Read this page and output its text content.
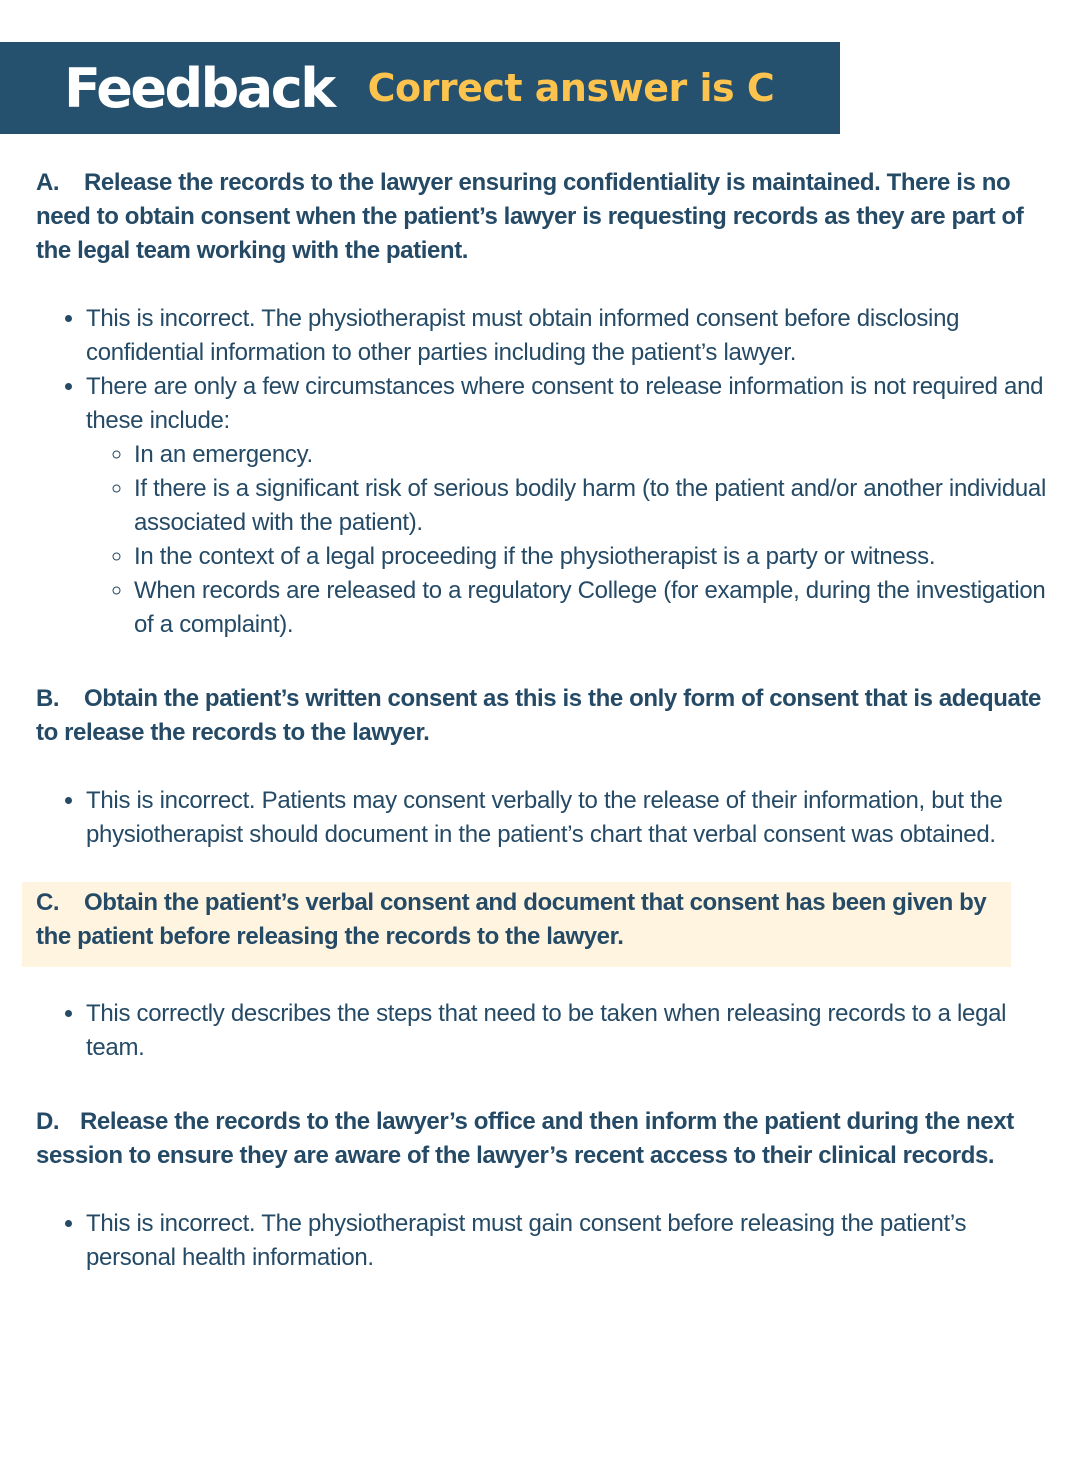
Feedback Correct answer is C

A. Release the records to the lawyer ensuring confidentiality is maintained. There is no need to obtain consent when the patient’s lawyer is requesting records as they are part of the legal team working with the patient.

• This is incorrect. The physiotherapist must obtain informed consent before disclosing confidential information to other parties including the patient’s lawyer.
• There are only a few circumstances where consent to release information is not required and these include:
◦ In an emergency.
◦ If there is a significant risk of serious bodily harm (to the patient and/or another individual associated with the patient).
◦ In the context of a legal proceeding if the physiotherapist is a party or witness.
◦ When records are released to a regulatory College (for example, during the investigation of a complaint).

B. Obtain the patient’s written consent as this is the only form of consent that is adequate to release the records to the lawyer.

• This is incorrect. Patients may consent verbally to the release of their information, but the physiotherapist should document in the patient’s chart that verbal consent was obtained.

C. Obtain the patient’s verbal consent and document that consent has been given by the patient before releasing the records to the lawyer.

• This correctly describes the steps that need to be taken when releasing records to a legal team.

D. Release the records to the lawyer’s office and then inform the patient during the next session to ensure they are aware of the lawyer’s recent access to their clinical records.

• This is incorrect. The physiotherapist must gain consent before releasing the patient’s personal health information.
